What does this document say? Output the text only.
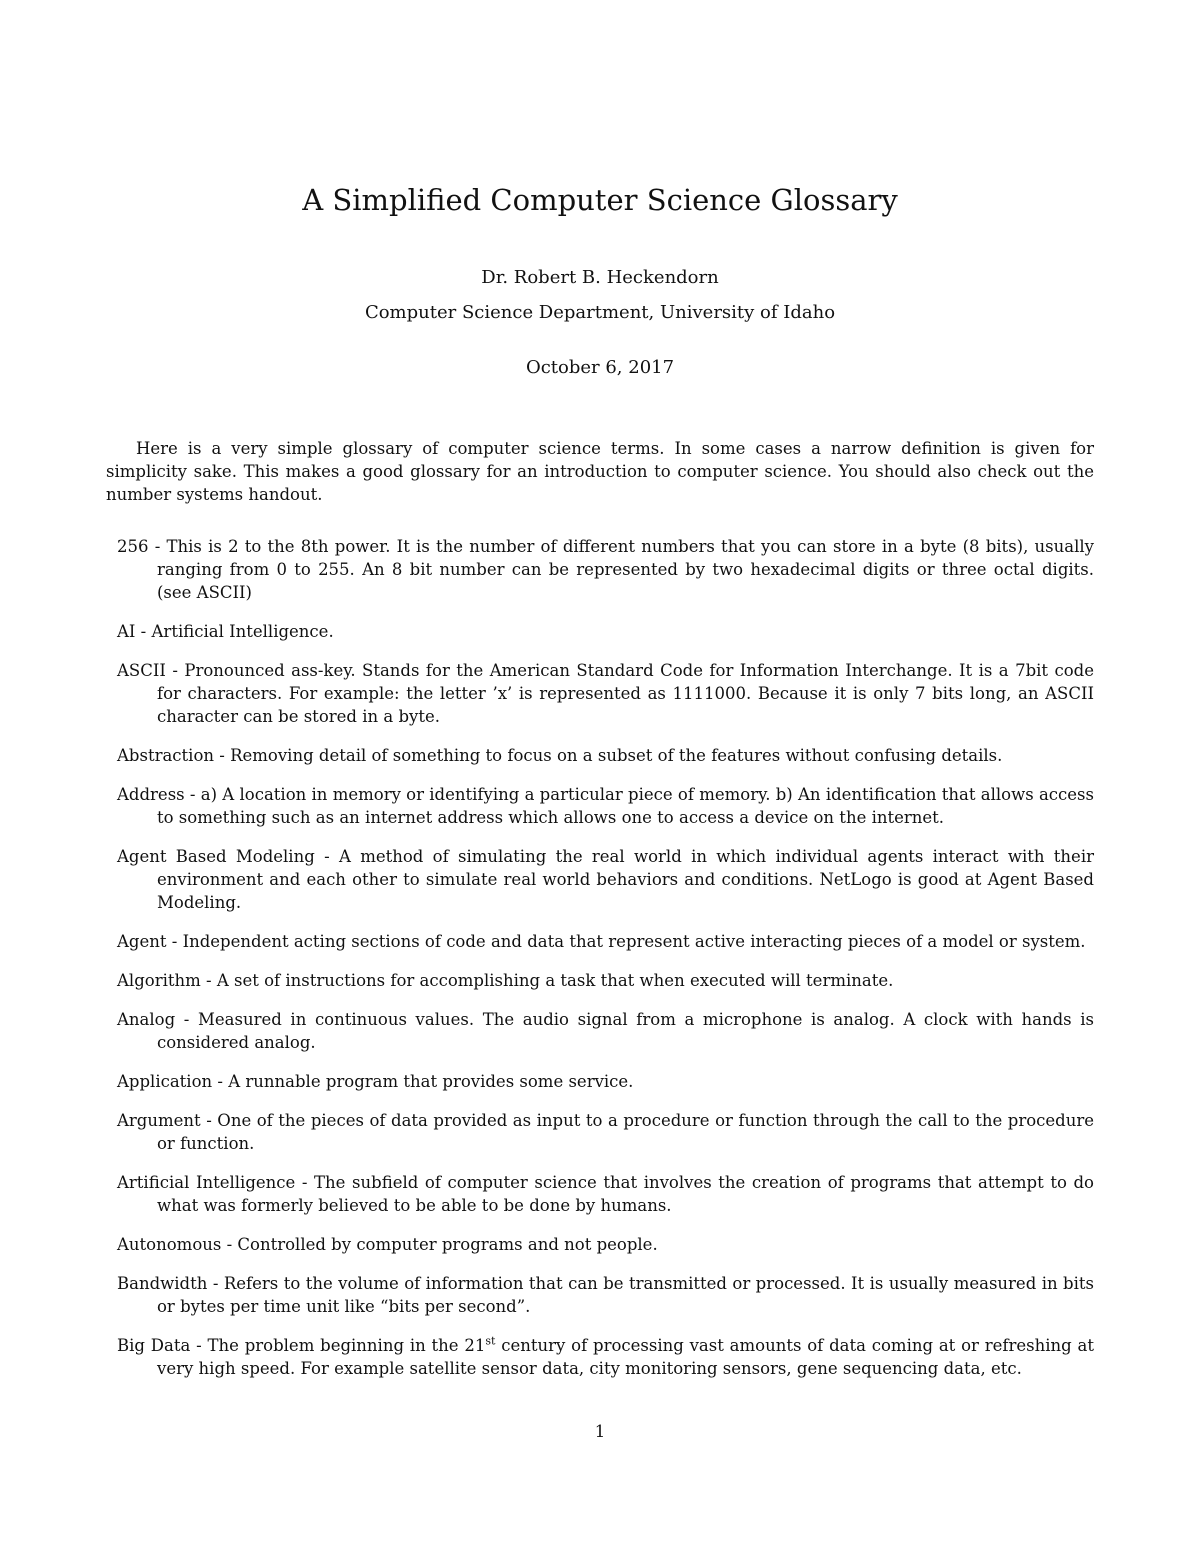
A Simplified Computer Science Glossary
Dr. Robert B. Heckendorn
Computer Science Department, University of Idaho
October 6, 2017

Here is a very simple glossary of computer science terms. In some cases a narrow definition is given for simplicity sake. This makes a good glossary for an introduction to computer science. You should also check out the number systems handout.

256 - This is 2 to the 8th power. It is the number of different numbers that you can store in a byte (8 bits), usually ranging from 0 to 255. An 8 bit number can be represented by two hexadecimal digits or three octal digits. (see ASCII)
AI - Artificial Intelligence.
ASCII - Pronounced ass-key. Stands for the American Standard Code for Information Interchange. It is a 7bit code for characters. For example: the letter ’x’ is represented as 1111000. Because it is only 7 bits long, an ASCII character can be stored in a byte.
Abstraction - Removing detail of something to focus on a subset of the features without confusing details.
Address - a) A location in memory or identifying a particular piece of memory. b) An identification that allows access to something such as an internet address which allows one to access a device on the internet.
Agent Based Modeling - A method of simulating the real world in which individual agents interact with their environment and each other to simulate real world behaviors and conditions. NetLogo is good at Agent Based Modeling.
Agent - Independent acting sections of code and data that represent active interacting pieces of a model or system.
Algorithm - A set of instructions for accomplishing a task that when executed will terminate.
Analog - Measured in continuous values. The audio signal from a microphone is analog. A clock with hands is considered analog.
Application - A runnable program that provides some service.
Argument - One of the pieces of data provided as input to a procedure or function through the call to the procedure or function.
Artificial Intelligence - The subfield of computer science that involves the creation of programs that attempt to do what was formerly believed to be able to be done by humans.
Autonomous - Controlled by computer programs and not people.
Bandwidth - Refers to the volume of information that can be transmitted or processed. It is usually measured in bits or bytes per time unit like “bits per second”.
Big Data - The problem beginning in the 21st century of processing vast amounts of data coming at or refreshing at very high speed. For example satellite sensor data, city monitoring sensors, gene sequencing data, etc.
1
